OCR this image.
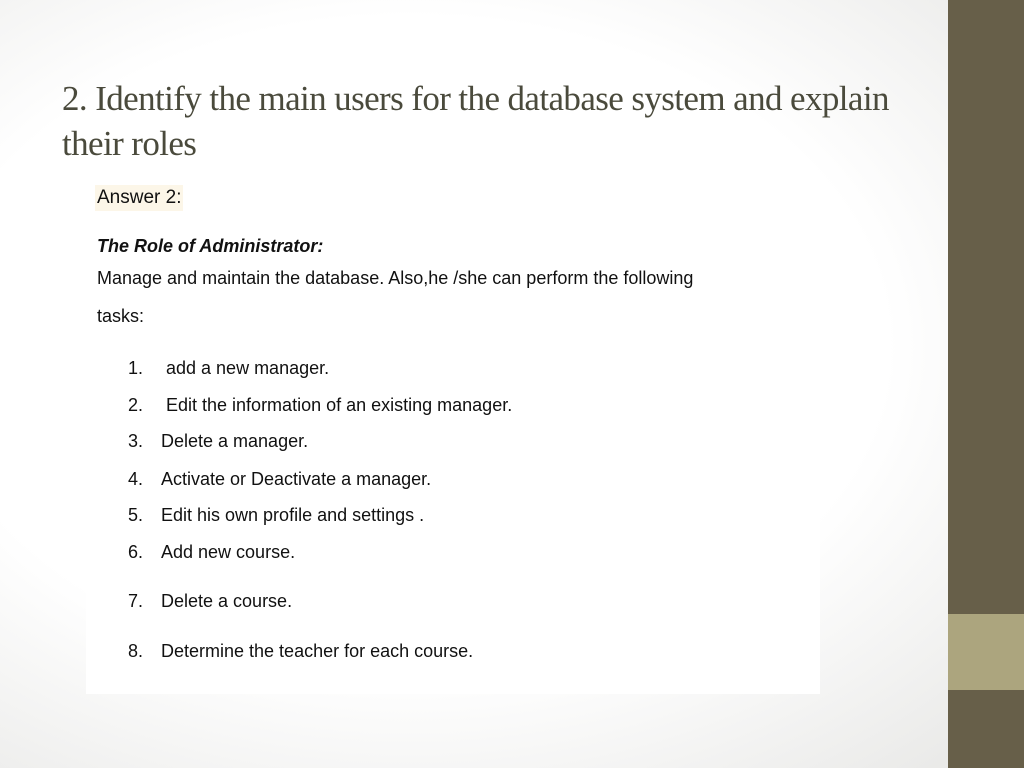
2. Identify the main users for the database system and explain their roles
Answer 2:
The Role of Administrator:
Manage and maintain the database. Also,he /she can perform the following
tasks:
1. add a new manager.
2. Edit the information of an existing manager.
3. Delete a manager.
4. Activate or Deactivate a manager.
5. Edit his own profile and settings .
6. Add new course.
7. Delete a course.
8. Determine the teacher for each course.
